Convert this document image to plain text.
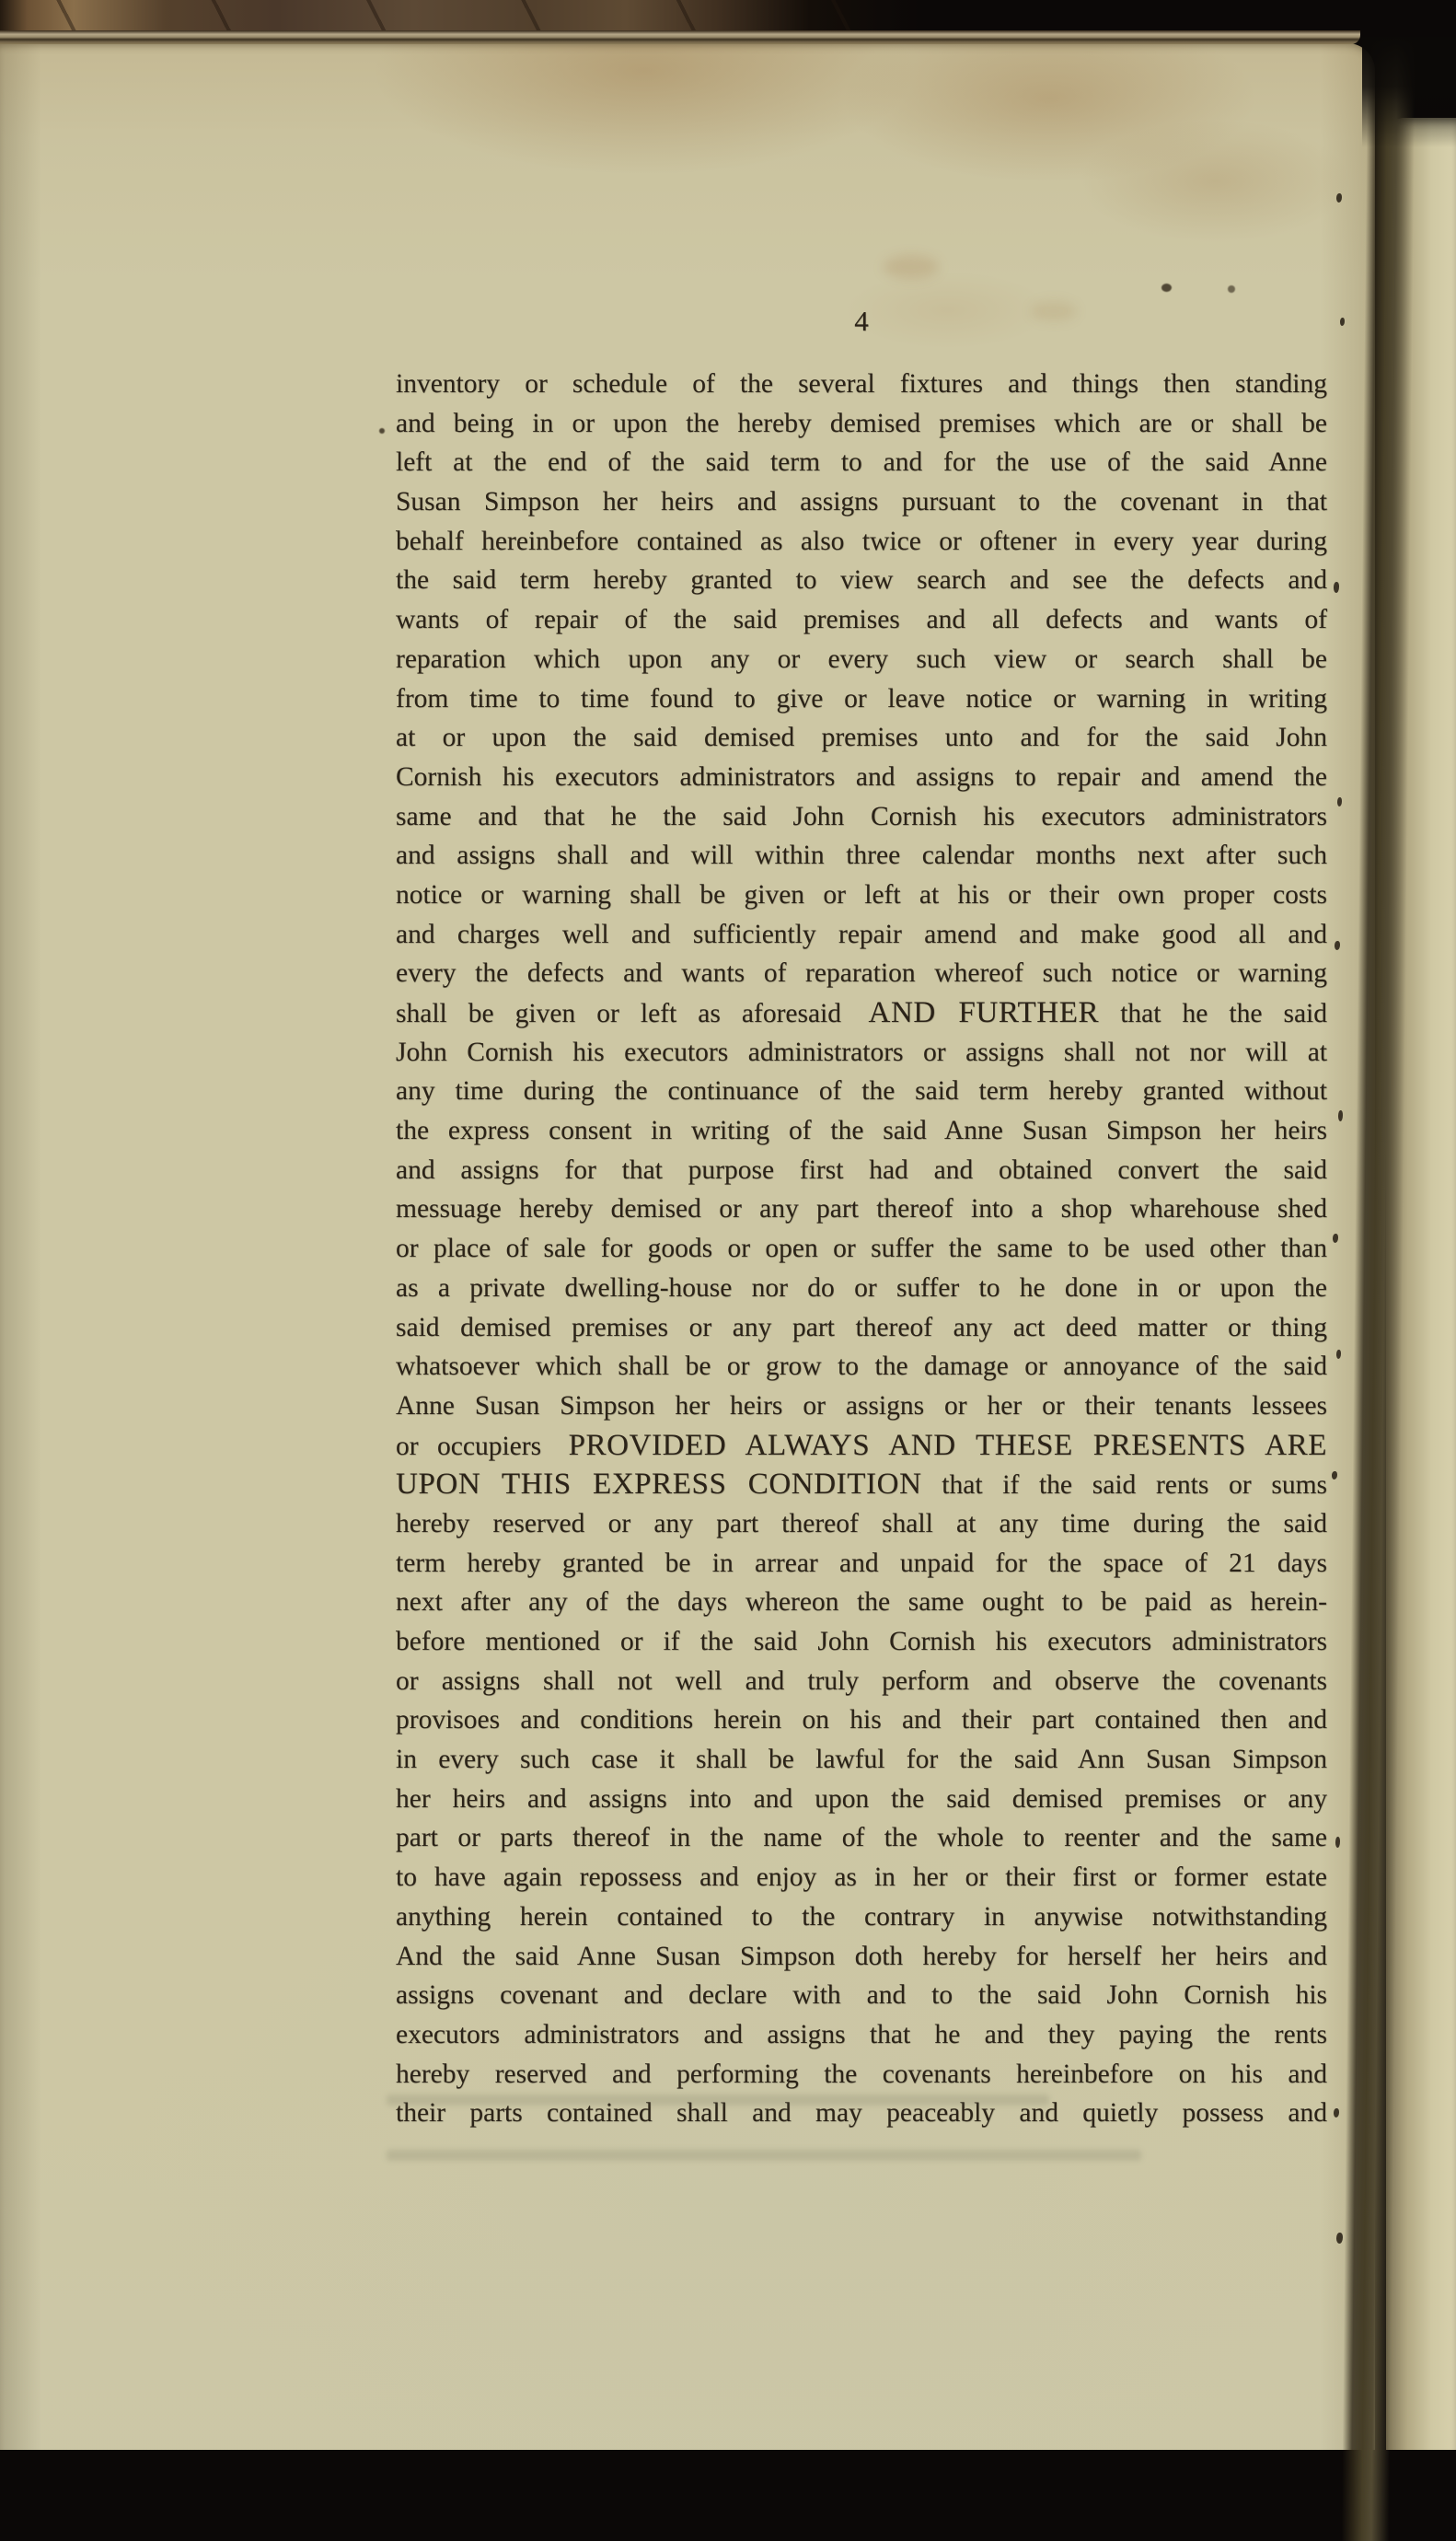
4
inventory or schedule of the several fixtures and things then standing
and being in or upon the hereby demised premises which are or shall be
left at the end of the said term to and for the use of the said Anne
Susan Simpson her heirs and assigns pursuant to the covenant in that
behalf hereinbefore contained as also twice or oftener in every year during
the said term hereby granted to view search and see the defects and
wants of repair of the said premises and all defects and wants of
reparation which upon any or every such view or search shall be
from time to time found to give or leave notice or warning in writing
at or upon the said demised premises unto and for the said John
Cornish his executors administrators and assigns to repair and amend the
same and that he the said John Cornish his executors administrators
and assigns shall and will within three calendar months next after such
notice or warning shall be given or left at his or their own proper costs
and charges well and sufficiently repair amend and make good all and
every the defects and wants of reparation whereof such notice or warning
shall be given or left as aforesaid AND FURTHER that he the said
John Cornish his executors administrators or assigns shall not nor will at
any time during the continuance of the said term hereby granted without
the express consent in writing of the said Anne Susan Simpson her heirs
and assigns for that purpose first had and obtained convert the said
messuage hereby demised or any part thereof into a shop wharehouse shed
or place of sale for goods or open or suffer the same to be used other than
as a private dwelling-house nor do or suffer to he done in or upon the
said demised premises or any part thereof any act deed matter or thing
whatsoever which shall be or grow to the damage or annoyance of the said
Anne Susan Simpson her heirs or assigns or her or their tenants lessees
or occupiers PROVIDED ALWAYS AND THESE PRESENTS ARE
UPON THIS EXPRESS CONDITION that if the said rents or sums
hereby reserved or any part thereof shall at any time during the said
term hereby granted be in arrear and unpaid for the space of 21 days
next after any of the days whereon the same ought to be paid as herein-
before mentioned or if the said John Cornish his executors administrators
or assigns shall not well and truly perform and observe the covenants
provisoes and conditions herein on his and their part contained then and
in every such case it shall be lawful for the said Ann Susan Simpson
her heirs and assigns into and upon the said demised premises or any
part or parts thereof in the name of the whole to reenter and the same
to have again repossess and enjoy as in her or their first or former estate
anything herein contained to the contrary in anywise notwithstanding
And the said Anne Susan Simpson doth hereby for herself her heirs and
assigns covenant and declare with and to the said John Cornish his
executors administrators and assigns that he and they paying the rents
hereby reserved and performing the covenants hereinbefore on his and
their parts contained shall and may peaceably and quietly possess and
